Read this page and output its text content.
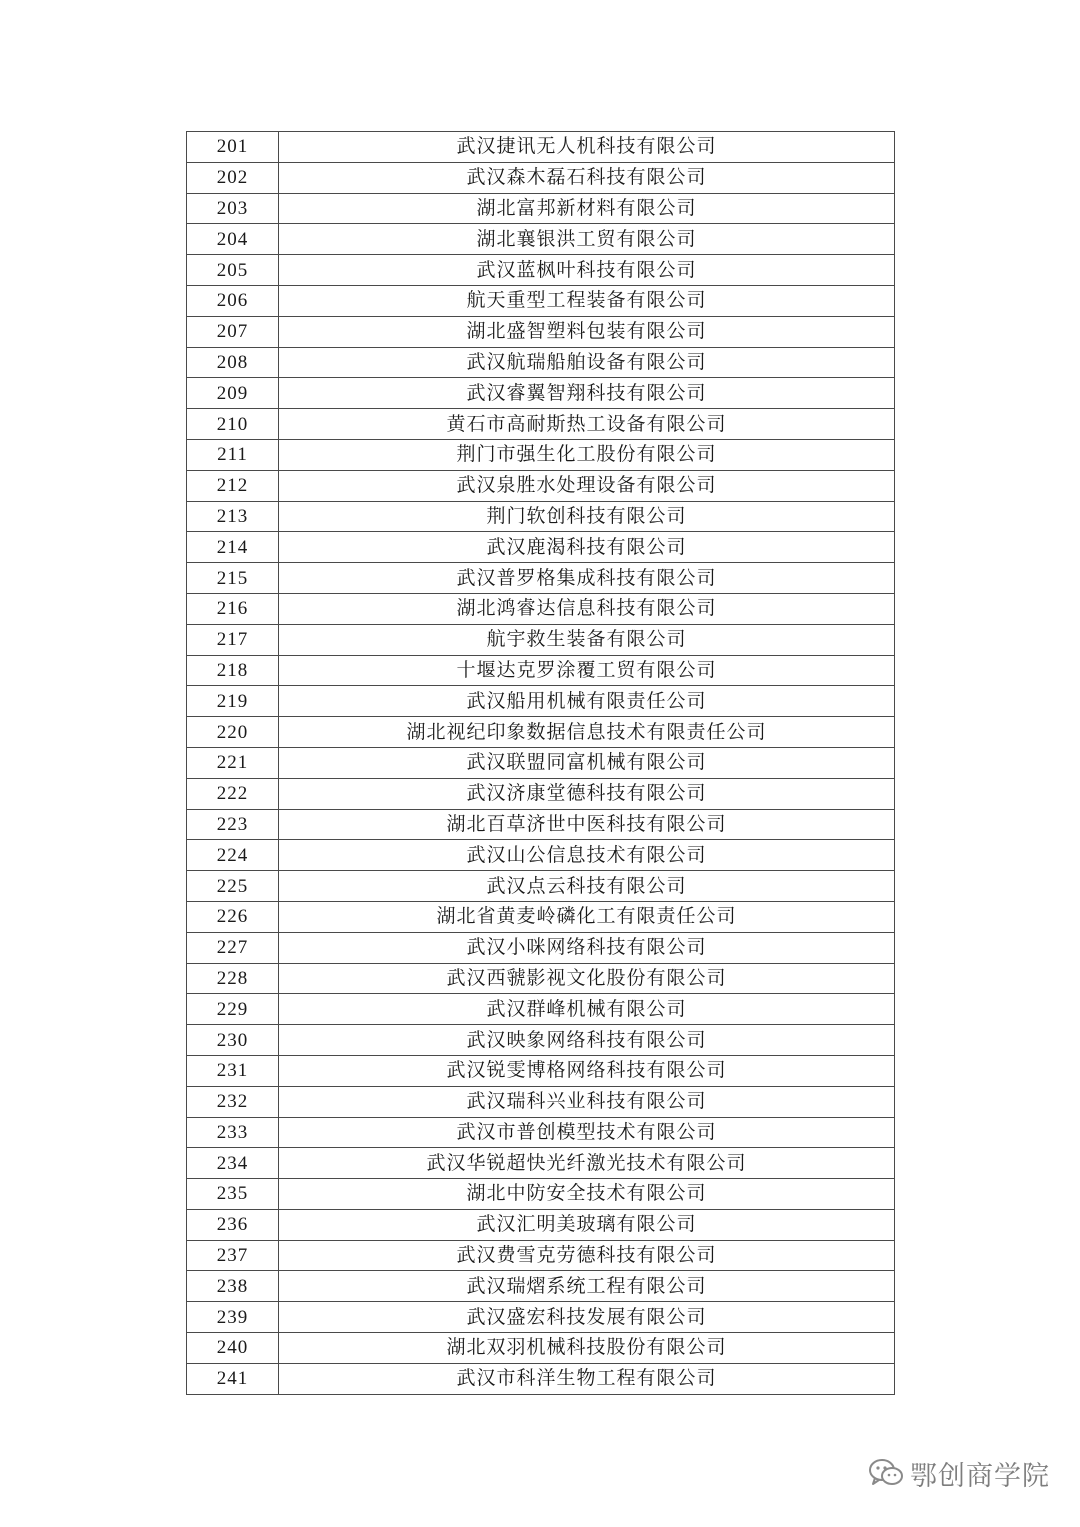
201	武汉捷讯无人机科技有限公司
202	武汉森木磊石科技有限公司
203	湖北富邦新材料有限公司
204	湖北襄银洪工贸有限公司
205	武汉蓝枫叶科技有限公司
206	航天重型工程装备有限公司
207	湖北盛智塑料包装有限公司
208	武汉航瑞船舶设备有限公司
209	武汉睿翼智翔科技有限公司
210	黄石市高耐斯热工设备有限公司
211	荆门市强生化工股份有限公司
212	武汉泉胜水处理设备有限公司
213	荆门软创科技有限公司
214	武汉鹿渴科技有限公司
215	武汉普罗格集成科技有限公司
216	湖北鸿睿达信息科技有限公司
217	航宇救生装备有限公司
218	十堰达克罗涂覆工贸有限公司
219	武汉船用机械有限责任公司
220	湖北视纪印象数据信息技术有限责任公司
221	武汉联盟同富机械有限公司
222	武汉济康堂德科技有限公司
223	湖北百草济世中医科技有限公司
224	武汉山公信息技术有限公司
225	武汉点云科技有限公司
226	湖北省黄麦岭磷化工有限责任公司
227	武汉小咪网络科技有限公司
228	武汉西虢影视文化股份有限公司
229	武汉群峰机械有限公司
230	武汉映象网络科技有限公司
231	武汉锐雯博格网络科技有限公司
232	武汉瑞科兴业科技有限公司
233	武汉市普创模型技术有限公司
234	武汉华锐超快光纤激光技术有限公司
235	湖北中防安全技术有限公司
236	武汉汇明美玻璃有限公司
237	武汉费雪克劳德科技有限公司
238	武汉瑞熠系统工程有限公司
239	武汉盛宏科技发展有限公司
240	湖北双羽机械科技股份有限公司
241	武汉市科洋生物工程有限公司
鄂创商学院
